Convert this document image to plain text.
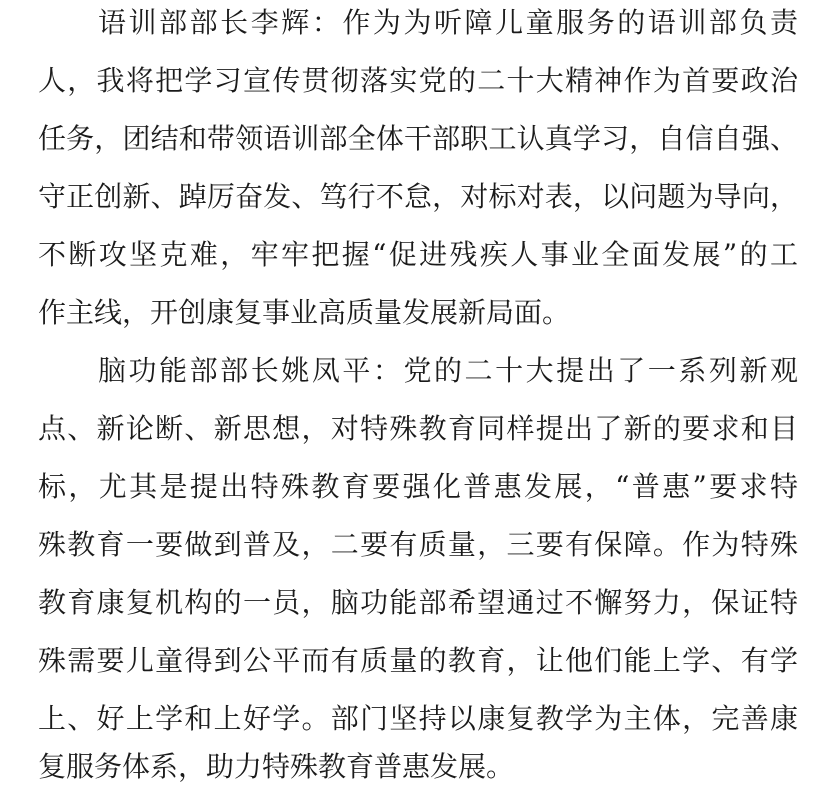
语训部部长李辉：作为为听障儿童服务的语训部负责
人，我将把学习宣传贯彻落实党的二十大精神作为首要政治
任务，团结和带领语训部全体干部职工认真学习，自信自强、
守正创新、踔厉奋发、笃行不怠，对标对表，以问题为导向，
不断攻坚克难，牢牢把握“促进残疾人事业全面发展”的工
作主线，开创康复事业高质量发展新局面。
脑功能部部长姚凤平：党的二十大提出了一系列新观
点、新论断、新思想，对特殊教育同样提出了新的要求和目
标，尤其是提出特殊教育要强化普惠发展，“普惠”要求特
殊教育一要做到普及，二要有质量，三要有保障。作为特殊
教育康复机构的一员，脑功能部希望通过不懈努力，保证特
殊需要儿童得到公平而有质量的教育，让他们能上学、有学
上、好上学和上好学。部门坚持以康复教学为主体，完善康
复服务体系，助力特殊教育普惠发展。
